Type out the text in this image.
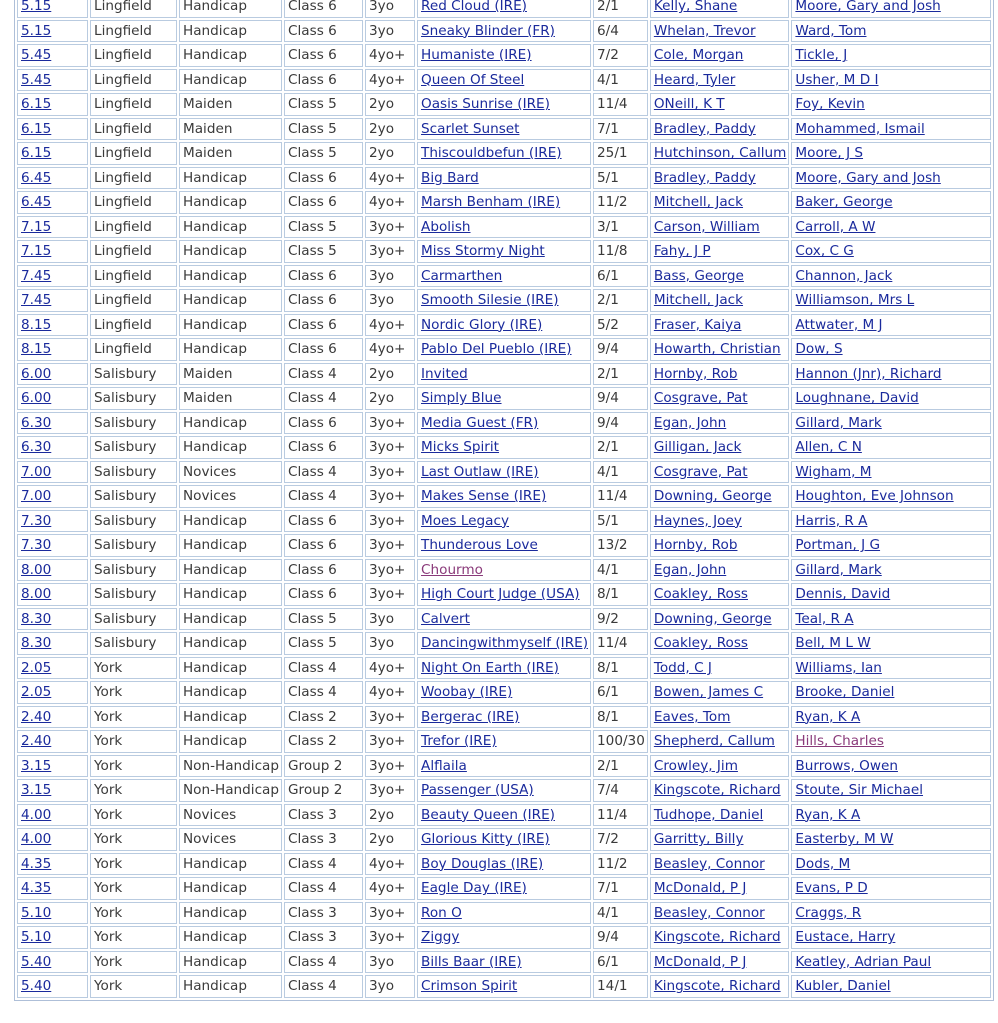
5.15	Lingfield	Handicap	Class 6	3yo	Red Cloud (IRE)	2/1	Kelly, Shane	Moore, Gary and Josh
5.15	Lingfield	Handicap	Class 6	3yo	Sneaky Blinder (FR)	6/4	Whelan, Trevor	Ward, Tom
5.45	Lingfield	Handicap	Class 6	4yo+	Humaniste (IRE)	7/2	Cole, Morgan	Tickle, J
5.45	Lingfield	Handicap	Class 6	4yo+	Queen Of Steel	4/1	Heard, Tyler	Usher, M D I
6.15	Lingfield	Maiden	Class 5	2yo	Oasis Sunrise (IRE)	11/4	ONeill, K T	Foy, Kevin
6.15	Lingfield	Maiden	Class 5	2yo	Scarlet Sunset	7/1	Bradley, Paddy	Mohammed, Ismail
6.15	Lingfield	Maiden	Class 5	2yo	Thiscouldbefun (IRE)	25/1	Hutchinson, Callum	Moore, J S
6.45	Lingfield	Handicap	Class 6	4yo+	Big Bard	5/1	Bradley, Paddy	Moore, Gary and Josh
6.45	Lingfield	Handicap	Class 6	4yo+	Marsh Benham (IRE)	11/2	Mitchell, Jack	Baker, George
7.15	Lingfield	Handicap	Class 5	3yo+	Abolish	3/1	Carson, William	Carroll, A W
7.15	Lingfield	Handicap	Class 5	3yo+	Miss Stormy Night	11/8	Fahy, J P	Cox, C G
7.45	Lingfield	Handicap	Class 6	3yo	Carmarthen	6/1	Bass, George	Channon, Jack
7.45	Lingfield	Handicap	Class 6	3yo	Smooth Silesie (IRE)	2/1	Mitchell, Jack	Williamson, Mrs L
8.15	Lingfield	Handicap	Class 6	4yo+	Nordic Glory (IRE)	5/2	Fraser, Kaiya	Attwater, M J
8.15	Lingfield	Handicap	Class 6	4yo+	Pablo Del Pueblo (IRE)	9/4	Howarth, Christian	Dow, S
6.00	Salisbury	Maiden	Class 4	2yo	Invited	2/1	Hornby, Rob	Hannon (Jnr), Richard
6.00	Salisbury	Maiden	Class 4	2yo	Simply Blue	9/4	Cosgrave, Pat	Loughnane, David
6.30	Salisbury	Handicap	Class 6	3yo+	Media Guest (FR)	9/4	Egan, John	Gillard, Mark
6.30	Salisbury	Handicap	Class 6	3yo+	Micks Spirit	2/1	Gilligan, Jack	Allen, C N
7.00	Salisbury	Novices	Class 4	3yo+	Last Outlaw (IRE)	4/1	Cosgrave, Pat	Wigham, M
7.00	Salisbury	Novices	Class 4	3yo+	Makes Sense (IRE)	11/4	Downing, George	Houghton, Eve Johnson
7.30	Salisbury	Handicap	Class 6	3yo+	Moes Legacy	5/1	Haynes, Joey	Harris, R A
7.30	Salisbury	Handicap	Class 6	3yo+	Thunderous Love	13/2	Hornby, Rob	Portman, J G
8.00	Salisbury	Handicap	Class 6	3yo+	Chourmo	4/1	Egan, John	Gillard, Mark
8.00	Salisbury	Handicap	Class 6	3yo+	High Court Judge (USA)	8/1	Coakley, Ross	Dennis, David
8.30	Salisbury	Handicap	Class 5	3yo	Calvert	9/2	Downing, George	Teal, R A
8.30	Salisbury	Handicap	Class 5	3yo	Dancingwithmyself (IRE)	11/4	Coakley, Ross	Bell, M L W
2.05	York	Handicap	Class 4	4yo+	Night On Earth (IRE)	8/1	Todd, C J	Williams, Ian
2.05	York	Handicap	Class 4	4yo+	Woobay (IRE)	6/1	Bowen, James C	Brooke, Daniel
2.40	York	Handicap	Class 2	3yo+	Bergerac (IRE)	8/1	Eaves, Tom	Ryan, K A
2.40	York	Handicap	Class 2	3yo+	Trefor (IRE)	100/30	Shepherd, Callum	Hills, Charles
3.15	York	Non-Handicap	Group 2	3yo+	Alflaila	2/1	Crowley, Jim	Burrows, Owen
3.15	York	Non-Handicap	Group 2	3yo+	Passenger (USA)	7/4	Kingscote, Richard	Stoute, Sir Michael
4.00	York	Novices	Class 3	2yo	Beauty Queen (IRE)	11/4	Tudhope, Daniel	Ryan, K A
4.00	York	Novices	Class 3	2yo	Glorious Kitty (IRE)	7/2	Garritty, Billy	Easterby, M W
4.35	York	Handicap	Class 4	4yo+	Boy Douglas (IRE)	11/2	Beasley, Connor	Dods, M
4.35	York	Handicap	Class 4	4yo+	Eagle Day (IRE)	7/1	McDonald, P J	Evans, P D
5.10	York	Handicap	Class 3	3yo+	Ron O	4/1	Beasley, Connor	Craggs, R
5.10	York	Handicap	Class 3	3yo+	Ziggy	9/4	Kingscote, Richard	Eustace, Harry
5.40	York	Handicap	Class 4	3yo	Bills Baar (IRE)	6/1	McDonald, P J	Keatley, Adrian Paul
5.40	York	Handicap	Class 4	3yo	Crimson Spirit	14/1	Kingscote, Richard	Kubler, Daniel
